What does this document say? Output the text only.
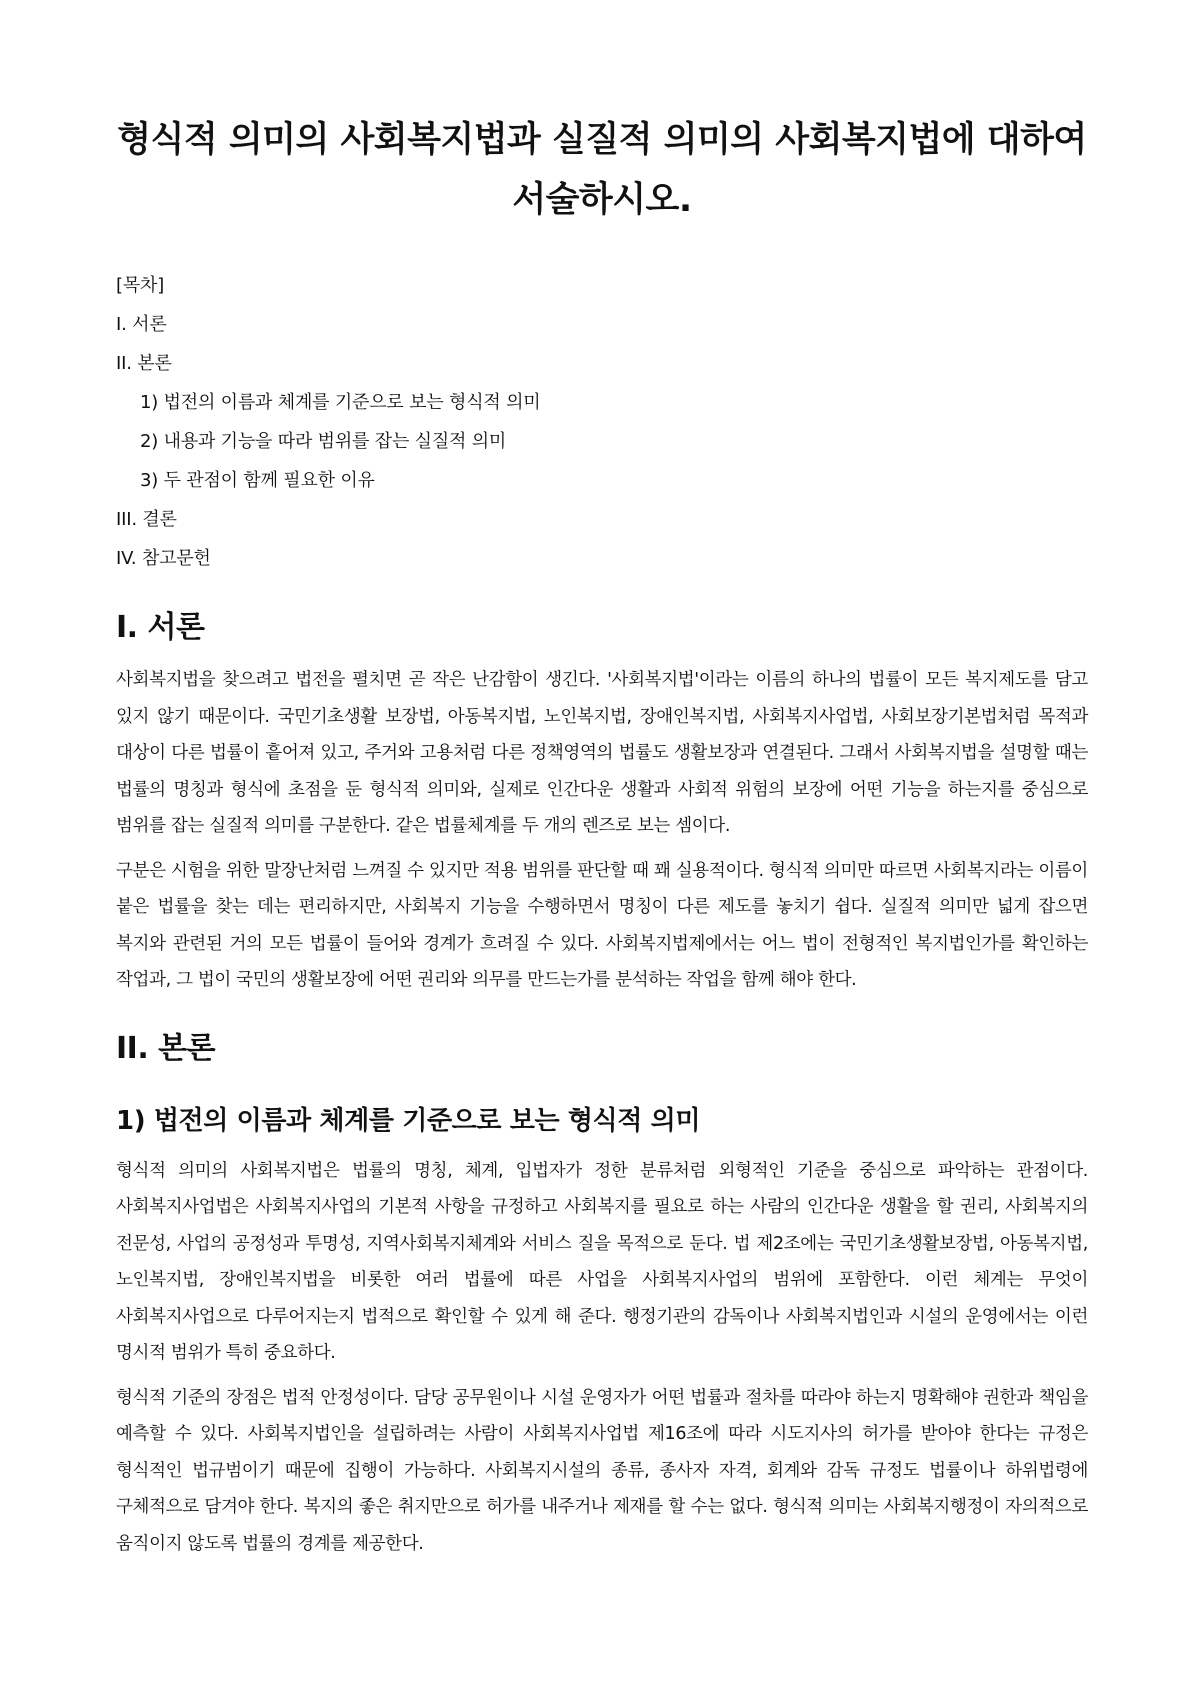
형식적 의미의 사회복지법과 실질적 의미의 사회복지법에 대하여 서술하시오.
[목차]
I. 서론
II. 본론
1) 법전의 이름과 체계를 기준으로 보는 형식적 의미
2) 내용과 기능을 따라 범위를 잡는 실질적 의미
3) 두 관점이 함께 필요한 이유
III. 결론
IV. 참고문헌
I. 서론

사회복지법을 찾으려고 법전을 펼치면 곧 작은 난감함이 생긴다. '사회복지법'이라는 이름의 하나의 법률이 모든 복지제도를 담고 있지 않기 때문이다. 국민기초생활 보장법, 아동복지법, 노인복지법, 장애인복지법, 사회복지사업법, 사회보장기본법처럼 목적과 대상이 다른 법률이 흩어져 있고, 주거와 고용처럼 다른 정책영역의 법률도 생활보장과 연결된다. 그래서 사회복지법을 설명할 때는 법률의 명칭과 형식에 초점을 둔 형식적 의미와, 실제로 인간다운 생활과 사회적 위험의 보장에 어떤 기능을 하는지를 중심으로 범위를 잡는 실질적 의미를 구분한다. 같은 법률체계를 두 개의 렌즈로 보는 셈이다.

구분은 시험을 위한 말장난처럼 느껴질 수 있지만 적용 범위를 판단할 때 꽤 실용적이다. 형식적 의미만 따르면 사회복지라는 이름이 붙은 법률을 찾는 데는 편리하지만, 사회복지 기능을 수행하면서 명칭이 다른 제도를 놓치기 쉽다. 실질적 의미만 넓게 잡으면 복지와 관련된 거의 모든 법률이 들어와 경계가 흐려질 수 있다. 사회복지법제에서는 어느 법이 전형적인 복지법인가를 확인하는 작업과, 그 법이 국민의 생활보장에 어떤 권리와 의무를 만드는가를 분석하는 작업을 함께 해야 한다.

II. 본론
1) 법전의 이름과 체계를 기준으로 보는 형식적 의미

형식적 의미의 사회복지법은 법률의 명칭, 체계, 입법자가 정한 분류처럼 외형적인 기준을 중심으로 파악하는 관점이다. 사회복지사업법은 사회복지사업의 기본적 사항을 규정하고 사회복지를 필요로 하는 사람의 인간다운 생활을 할 권리, 사회복지의 전문성, 사업의 공정성과 투명성, 지역사회복지체계와 서비스 질을 목적으로 둔다. 법 제2조에는 국민기초생활보장법, 아동복지법, 노인복지법, 장애인복지법을 비롯한 여러 법률에 따른 사업을 사회복지사업의 범위에 포함한다. 이런 체계는 무엇이 사회복지사업으로 다루어지는지 법적으로 확인할 수 있게 해 준다. 행정기관의 감독이나 사회복지법인과 시설의 운영에서는 이런 명시적 범위가 특히 중요하다.

형식적 기준의 장점은 법적 안정성이다. 담당 공무원이나 시설 운영자가 어떤 법률과 절차를 따라야 하는지 명확해야 권한과 책임을 예측할 수 있다. 사회복지법인을 설립하려는 사람이 사회복지사업법 제16조에 따라 시도지사의 허가를 받아야 한다는 규정은 형식적인 법규범이기 때문에 집행이 가능하다. 사회복지시설의 종류, 종사자 자격, 회계와 감독 규정도 법률이나 하위법령에 구체적으로 담겨야 한다. 복지의 좋은 취지만으로 허가를 내주거나 제재를 할 수는 없다. 형식적 의미는 사회복지행정이 자의적으로 움직이지 않도록 법률의 경계를 제공한다.
